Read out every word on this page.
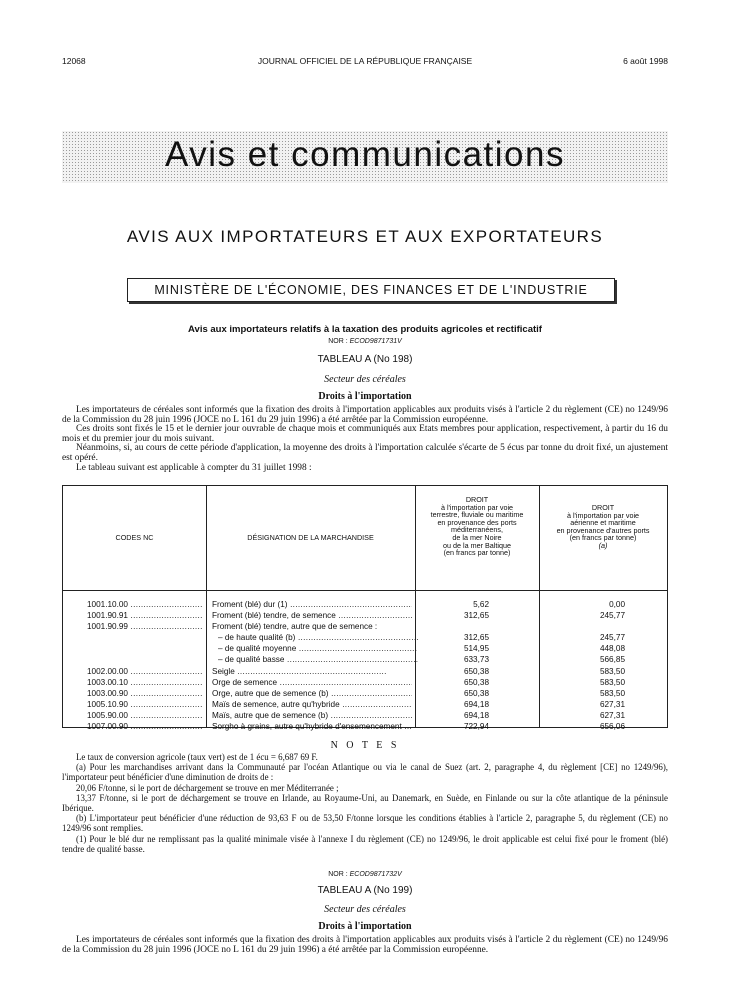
12068	JOURNAL OFFICIEL DE LA RÉPUBLIQUE FRANÇAISE	6 août 1998
Avis et communications
AVIS AUX IMPORTATEURS ET AUX EXPORTATEURS
MINISTÈRE DE L'ÉCONOMIE, DES FINANCES ET DE L'INDUSTRIE
Avis aux importateurs relatifs à la taxation des produits agricoles et rectificatif
NOR : ECOD9871731V
TABLEAU A (No 198)
Secteur des céréales
Droits à l'importation

Les importateurs de céréales sont informés que la fixation des droits à l'importation applicables aux produits visés à l'article 2 du règlement (CE) no 1249/96 de la Commission du 28 juin 1996 (JOCE no L 161 du 29 juin 1996) a été arrêtée par la Commission européenne.

Ces droits sont fixés le 15 et le dernier jour ouvrable de chaque mois et communiqués aux Etats membres pour application, respectivement, à partir du 16 du mois et du premier jour du mois suivant.

Néanmoins, si, au cours de cette période d'application, la moyenne des droits à l'importation calculée s'écarte de 5 écus par tonne du droit fixé, un ajustement est opéré.

Le tableau suivant est applicable à compter du 31 juillet 1998 :

CODES NC	DÉSIGNATION DE LA MARCHANDISE
DROIT
à l'importation par voie
terrestre, fluviale ou maritime
en provenance des ports
méditerranéens,
de la mer Noire
ou de la mer Baltique
(en francs par tonne)
DROIT
à l'importation par voie
aérienne et maritime
en provenance d'autres ports
(en francs par tonne)
(a)
1001.10.00 .....	Froment (blé) dur (1) .....	5,62	0,00
1001.90.91 .....	Froment (blé) tendre, de semence .....	312,65	245,77
1001.90.99 .....	Froment (blé) tendre, autre que de semence :
– de haute qualité (b) .....	312,65	245,77
– de qualité moyenne .....	514,95	448,08
– de qualité basse .....	633,73	566,85
1002.00.00 .....	Seigle .....	650,38	583,50
1003.00.10 .....	Orge de semence .....	650,38	583,50
1003.00.90 .....	Orge, autre que de semence (b) .....	650,38	583,50
1005.10.90 .....	Maïs de semence, autre qu'hybride .....	694,18	627,31
1005.90.00 .....	Maïs, autre que de semence (b) .....	694,18	627,31
1007.00.90 .....	Sorgho à grains, autre qu'hybride d'ensemencement .....	722,94	656,06
N O T E S

Le taux de conversion agricole (taux vert) est de 1 écu = 6,687 69 F.

(a) Pour les marchandises arrivant dans la Communauté par l'océan Atlantique ou via le canal de Suez (art. 2, paragraphe 4, du règlement [CE] no 1249/96), l'importateur peut bénéficier d'une diminution de droits de :

20,06 F/tonne, si le port de déchargement se trouve en mer Méditerranée ;

13,37 F/tonne, si le port de déchargement se trouve en Irlande, au Royaume-Uni, au Danemark, en Suède, en Finlande ou sur la côte atlantique de la péninsule Ibérique.

(b) L'importateur peut bénéficier d'une réduction de 93,63 F ou de 53,50 F/tonne lorsque les conditions établies à l'article 2, paragraphe 5, du règlement (CE) no 1249/96 sont remplies.

(1) Pour le blé dur ne remplissant pas la qualité minimale visée à l'annexe I du règlement (CE) no 1249/96, le droit applicable est celui fixé pour le froment (blé) tendre de qualité basse.

NOR : ECOD9871732V
TABLEAU A (No 199)
Secteur des céréales
Droits à l'importation

Les importateurs de céréales sont informés que la fixation des droits à l'importation applicables aux produits visés à l'article 2 du règlement (CE) no 1249/96 de la Commission du 28 juin 1996 (JOCE no L 161 du 29 juin 1996) a été arrêtée par la Commission européenne.
